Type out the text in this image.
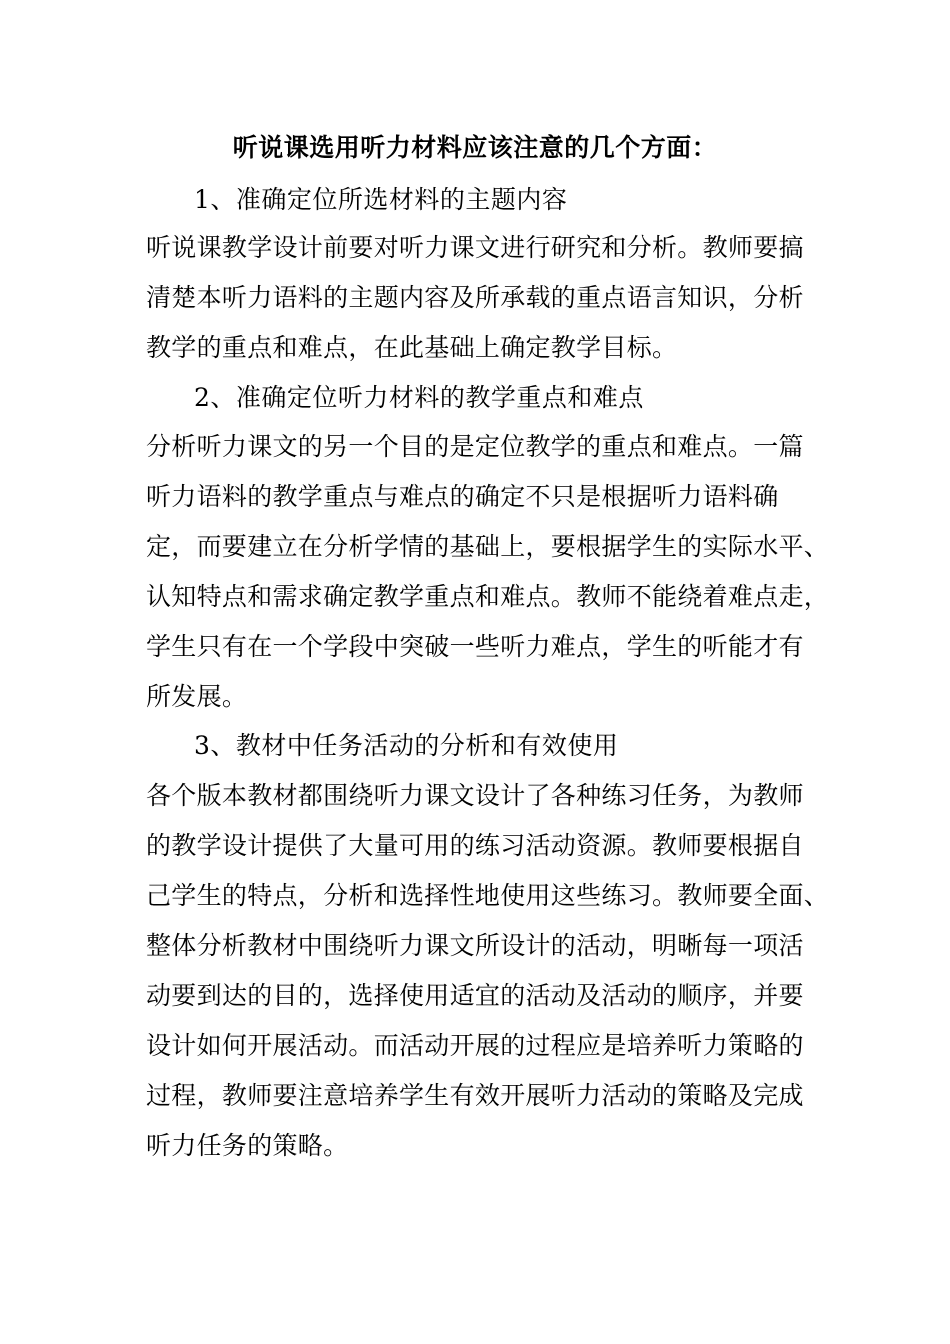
听说课选用听力材料应该注意的几个方面：
1、准确定位所选材料的主题内容
听说课教学设计前要对听力课文进行研究和分析。教师要搞
清楚本听力语料的主题内容及所承载的重点语言知识，分析
教学的重点和难点，在此基础上确定教学目标。
2、准确定位听力材料的教学重点和难点
分析听力课文的另一个目的是定位教学的重点和难点。一篇
听力语料的教学重点与难点的确定不只是根据听力语料确
定，而要建立在分析学情的基础上，要根据学生的实际水平、
认知特点和需求确定教学重点和难点。教师不能绕着难点走，
学生只有在一个学段中突破一些听力难点，学生的听能才有
所发展。
3、教材中任务活动的分析和有效使用
各个版本教材都围绕听力课文设计了各种练习任务，为教师
的教学设计提供了大量可用的练习活动资源。教师要根据自
己学生的特点，分析和选择性地使用这些练习。教师要全面、
整体分析教材中围绕听力课文所设计的活动，明晰每一项活
动要到达的目的，选择使用适宜的活动及活动的顺序，并要
设计如何开展活动。而活动开展的过程应是培养听力策略的
过程，教师要注意培养学生有效开展听力活动的策略及完成
听力任务的策略。
